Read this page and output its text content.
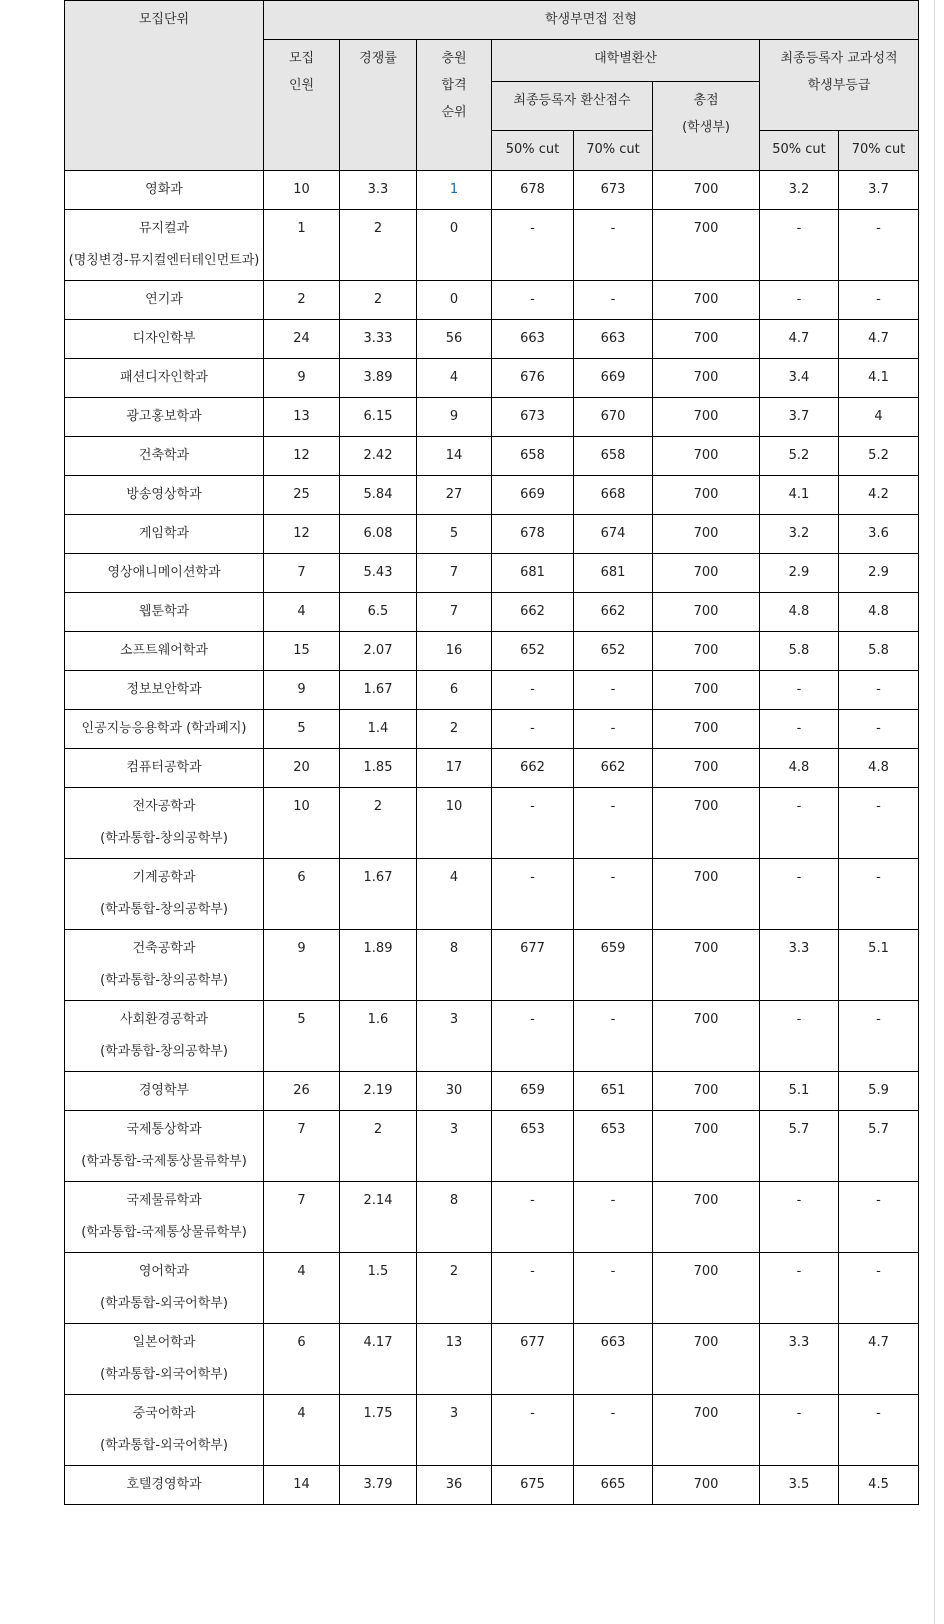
모집단위	학생부면접 전형							
	모집 인원	경쟁률	충원 합격 순위	대학별환산			최종등록자 교과성적 학생부등급	
				최종등록자 환산점수		총점 (학생부)		
				50% cut	70% cut		50% cut	70% cut

영화과	10	3.3	1	678	673	700	3.2	3.7

뮤지컬과
(명칭변경-뮤지컬엔터테인먼트과)	1	2	0	-	-	700	-	-

연기과	2	2	0	-	-	700	-	-

디자인학부	24	3.33	56	663	663	700	4.7	4.7

패션디자인학과	9	3.89	4	676	669	700	3.4	4.1

광고홍보학과	13	6.15	9	673	670	700	3.7	4

건축학과	12	2.42	14	658	658	700	5.2	5.2

방송영상학과	25	5.84	27	669	668	700	4.1	4.2

게임학과	12	6.08	5	678	674	700	3.2	3.6

영상애니메이션학과	7	5.43	7	681	681	700	2.9	2.9

웹툰학과	4	6.5	7	662	662	700	4.8	4.8

소프트웨어학과	15	2.07	16	652	652	700	5.8	5.8

정보보안학과	9	1.67	6	-	-	700	-	-

인공지능응용학과 (학과폐지)	5	1.4	2	-	-	700	-	-

컴퓨터공학과	20	1.85	17	662	662	700	4.8	4.8

전자공학과
(학과통합-창의공학부)	10	2	10	-	-	700	-	-

기계공학과
(학과통합-창의공학부)	6	1.67	4	-	-	700	-	-

건축공학과
(학과통합-창의공학부)	9	1.89	8	677	659	700	3.3	5.1

사회환경공학과
(학과통합-창의공학부)	5	1.6	3	-	-	700	-	-

경영학부	26	2.19	30	659	651	700	5.1	5.9

국제통상학과
(학과통합-국제통상물류학부)	7	2	3	653	653	700	5.7	5.7

국제물류학과
(학과통합-국제통상물류학부)	7	2.14	8	-	-	700	-	-

영어학과
(학과통합-외국어학부)	4	1.5	2	-	-	700	-	-

일본어학과
(학과통합-외국어학부)	6	4.17	13	677	663	700	3.3	4.7

중국어학과
(학과통합-외국어학부)	4	1.75	3	-	-	700	-	-

호텔경영학과	14	3.79	36	675	665	700	3.5	4.5
